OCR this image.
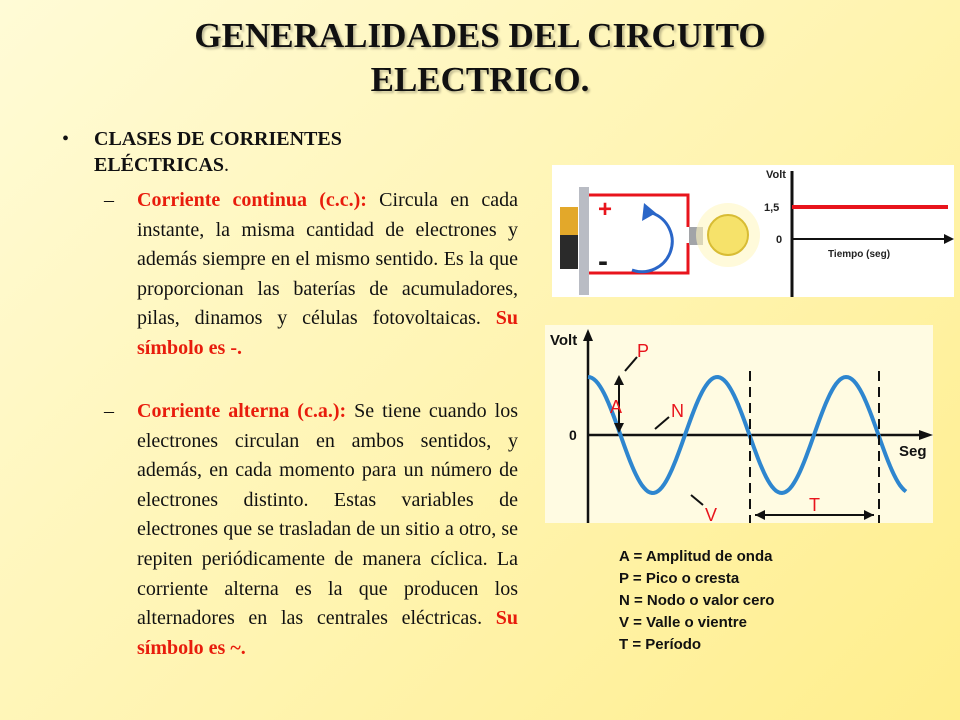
GENERALIDADES DEL CIRCUITO
ELECTRICO.
• CLASES DE CORRIENTES ELÉCTRICAS.
– Corriente continua (c.c.): Circula en cada instante, la misma cantidad de electrones y además siempre en el mismo sentido. Es la que proporcionan las baterías de acumuladores, pilas, dinamos y células fotovoltaicas. Su símbolo es -.
– Corriente alterna (c.a.): Se tiene cuando los electrones circulan en ambos sentidos, y además, en cada momento para un número de electrones distinto. Estas variables de electrones que se trasladan de un sitio a otro, se repiten periódicamente de manera cíclica. La corriente alterna es la que producen los alternadores en las centrales eléctricas. Su símbolo es ~.
+
-
Volt
1,5
0
Tiempo (seg)
Volt
0
Seg
P
A	N
V	T
A = Amplitud de onda
P = Pico o cresta
N = Nodo o valor cero
V = Valle o vientre
T = Período
